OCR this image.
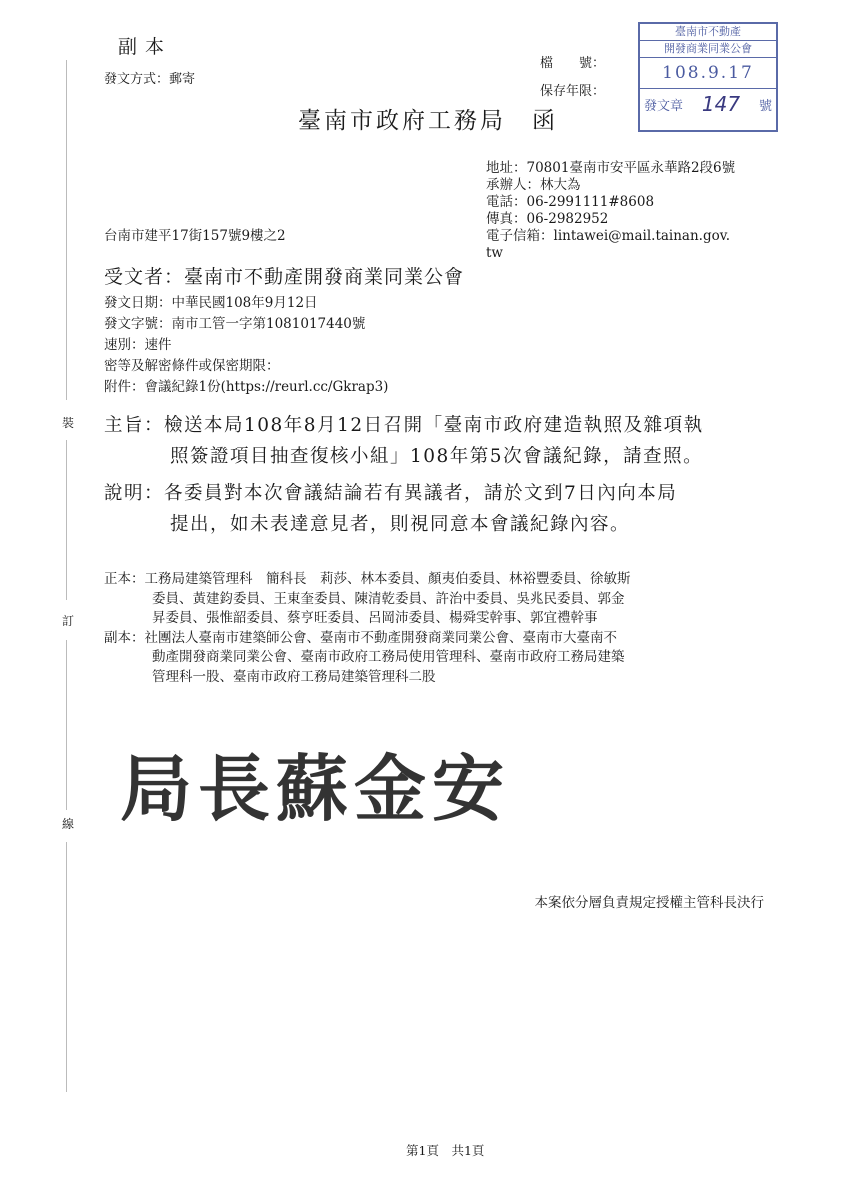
裝
訂
線
副本
發文方式：郵寄
檔　　號：
保存年限：
臺南市不動產
開發商業同業公會
108.9.17
發文章 147 號
臺南市政府工務局　函
地址：70801臺南市安平區永華路2段6號
承辦人：林大為
電話：06-2991111#8608
傳真：06-2982952
電子信箱：lintawei@mail.tainan.gov.
tw
台南市建平17街157號9樓之2
受文者：臺南市不動產開發商業同業公會
發文日期：中華民國108年9月12日
發文字號：南市工管一字第1081017440號
速別：速件
密等及解密條件或保密期限：
附件：會議紀錄1份(https://reurl.cc/Gkrap3)
主旨：檢送本局108年8月12日召開「臺南市政府建造執照及雜項執
照簽證項目抽查復核小組」108年第5次會議紀錄，請查照。
說明：各委員對本次會議結論若有異議者，請於文到7日內向本局
提出，如未表達意見者，則視同意本會議紀錄內容。
正本：工務局建築管理科　簡科長　莉莎、林本委員、顏夷伯委員、林裕豐委員、徐敏斯
委員、黃建鈞委員、王東奎委員、陳清乾委員、許治中委員、吳兆民委員、郭金
昇委員、張惟韶委員、蔡亨旺委員、呂岡沛委員、楊舜雯幹事、郭宜禮幹事
副本：社團法人臺南市建築師公會、臺南市不動產開發商業同業公會、臺南市大臺南不
動產開發商業同業公會、臺南市政府工務局使用管理科、臺南市政府工務局建築
管理科一股、臺南市政府工務局建築管理科二股
局長蘇金安
本案依分層負責規定授權主管科長決行
第1頁　共1頁
